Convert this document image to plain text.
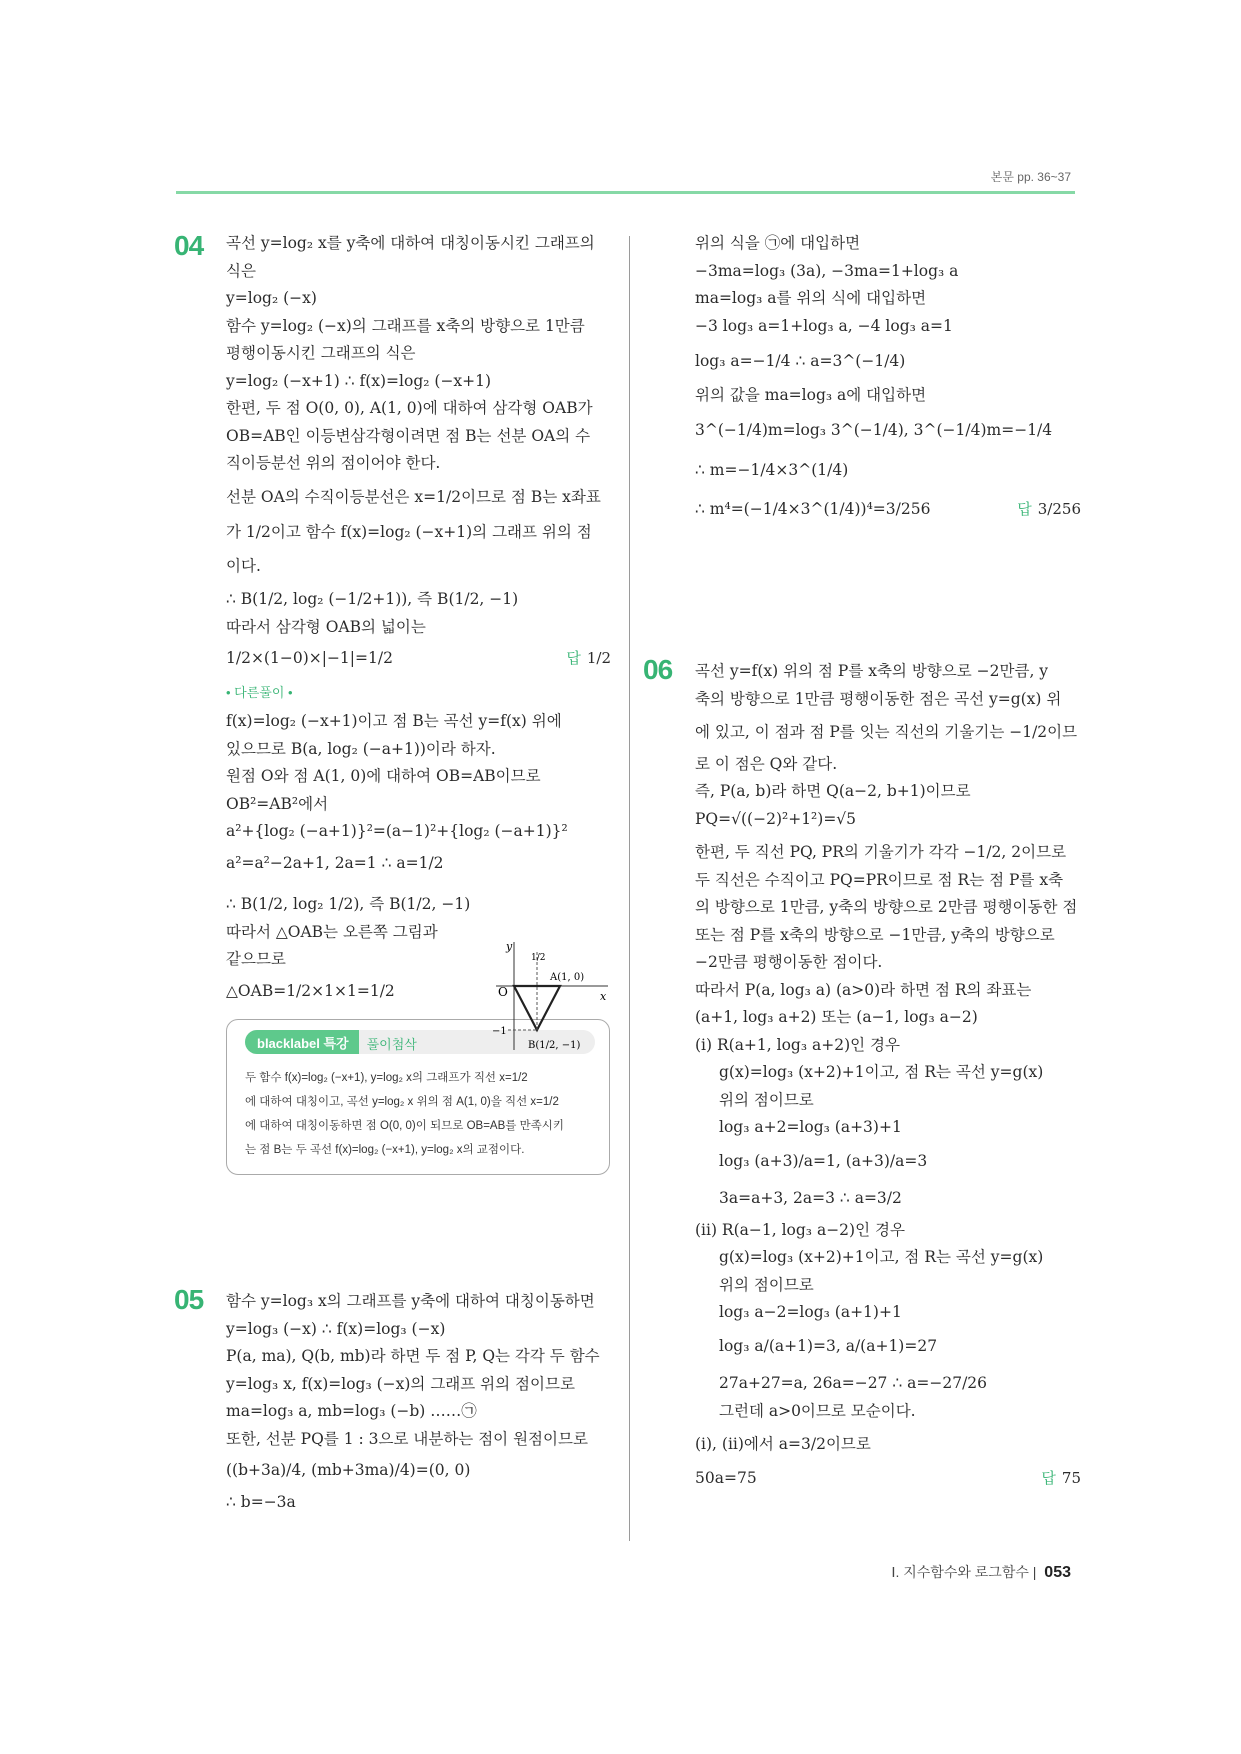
본문 pp. 36~37
04 곡선 y=log₂ x를 y축에 대하여 대칭이동시킨 그래프의
식은
y=log₂ (−x)
함수 y=log₂ (−x)의 그래프를 x축의 방향으로 1만큼
평행이동시킨 그래프의 식은
y=log₂ (−x+1) ∴ f(x)=log₂ (−x+1)
한편, 두 점 O(0, 0), A(1, 0)에 대하여 삼각형 OAB가
OB=AB인 이등변삼각형이려면 점 B는 선분 OA의 수
직이등분선 위의 점이어야 한다.
선분 OA의 수직이등분선은 x=1/2이므로 점 B는 x좌표
가 1/2이고 함수 f(x)=log₂ (−x+1)의 그래프 위의 점
이다.
∴ B(1/2, log₂ (−1/2+1)), 즉 B(1/2, −1)
따라서 삼각형 OAB의 넓이는
1/2×(1−0)×|−1|=1/2	답 1/2
• 다른풀이 •
f(x)=log₂ (−x+1)이고 점 B는 곡선 y=f(x) 위에
있으므로 B(a, log₂ (−a+1))이라 하자.
원점 O와 점 A(1, 0)에 대하여 OB=AB이므로
OB²=AB²에서
a²+{log₂ (−a+1)}²=(a−1)²+{log₂ (−a+1)}²
a²=a²−2a+1, 2a=1 ∴ a=1/2
∴ B(1/2, log₂ 1/2), 즉 B(1/2, −1)
따라서 △OAB는 오른쪽 그림과
같으므로
△OAB=1/2×1×1=1/2
blacklabel 특강	풀이첨삭
두 함수 f(x)=log₂ (−x+1), y=log₂ x의 그래프가 직선 x=1/2
에 대하여 대칭이고, 곡선 y=log₂ x 위의 점 A(1, 0)을 직선 x=1/2
에 대하여 대칭이동하면 점 O(0, 0)이 되므로 OB=AB를 만족시키
는 점 B는 두 곡선 f(x)=log₂ (−x+1), y=log₂ x의 교점이다.
05 함수 y=log₃ x의 그래프를 y축에 대하여 대칭이동하면
y=log₃ (−x) ∴ f(x)=log₃ (−x)
P(a, ma), Q(b, mb)라 하면 두 점 P, Q는 각각 두 함수
y=log₃ x, f(x)=log₃ (−x)의 그래프 위의 점이므로
ma=log₃ a, mb=log₃ (−b) ……㉠
또한, 선분 PQ를 1 : 3으로 내분하는 점이 원점이므로
((b+3a)/4, (mb+3ma)/4)=(0, 0)
∴ b=−3a
y
x
O
1/2
A(1, 0)
−1
B(1/2, −1)
위의 식을 ㉠에 대입하면
−3ma=log₃ (3a), −3ma=1+log₃ a
ma=log₃ a를 위의 식에 대입하면
−3 log₃ a=1+log₃ a, −4 log₃ a=1
log₃ a=−1/4 ∴ a=3^(−1/4)
위의 값을 ma=log₃ a에 대입하면
3^(−1/4)m=log₃ 3^(−1/4), 3^(−1/4)m=−1/4
∴ m=−1/4×3^(1/4)
∴ m⁴=(−1/4×3^(1/4))⁴=3/256	답 3/256
06 곡선 y=f(x) 위의 점 P를 x축의 방향으로 −2만큼, y
축의 방향으로 1만큼 평행이동한 점은 곡선 y=g(x) 위
에 있고, 이 점과 점 P를 잇는 직선의 기울기는 −1/2이므
로 이 점은 Q와 같다.
즉, P(a, b)라 하면 Q(a−2, b+1)이므로
PQ=√((−2)²+1²)=√5
한편, 두 직선 PQ, PR의 기울기가 각각 −1/2, 2이므로
두 직선은 수직이고 PQ=PR이므로 점 R는 점 P를 x축
의 방향으로 1만큼, y축의 방향으로 2만큼 평행이동한 점
또는 점 P를 x축의 방향으로 −1만큼, y축의 방향으로
−2만큼 평행이동한 점이다.
따라서 P(a, log₃ a) (a>0)라 하면 점 R의 좌표는
(a+1, log₃ a+2) 또는 (a−1, log₃ a−2)
(i) R(a+1, log₃ a+2)인 경우
g(x)=log₃ (x+2)+1이고, 점 R는 곡선 y=g(x)
위의 점이므로
log₃ a+2=log₃ (a+3)+1
log₃ (a+3)/a=1, (a+3)/a=3
3a=a+3, 2a=3 ∴ a=3/2
(ii) R(a−1, log₃ a−2)인 경우
g(x)=log₃ (x+2)+1이고, 점 R는 곡선 y=g(x)
위의 점이므로
log₃ a−2=log₃ (a+1)+1
log₃ a/(a+1)=3, a/(a+1)=27
27a+27=a, 26a=−27 ∴ a=−27/26
그런데 a>0이므로 모순이다.
(i), (ii)에서 a=3/2이므로
50a=75	답 75
Ⅰ. 지수함수와 로그함수 | 053
